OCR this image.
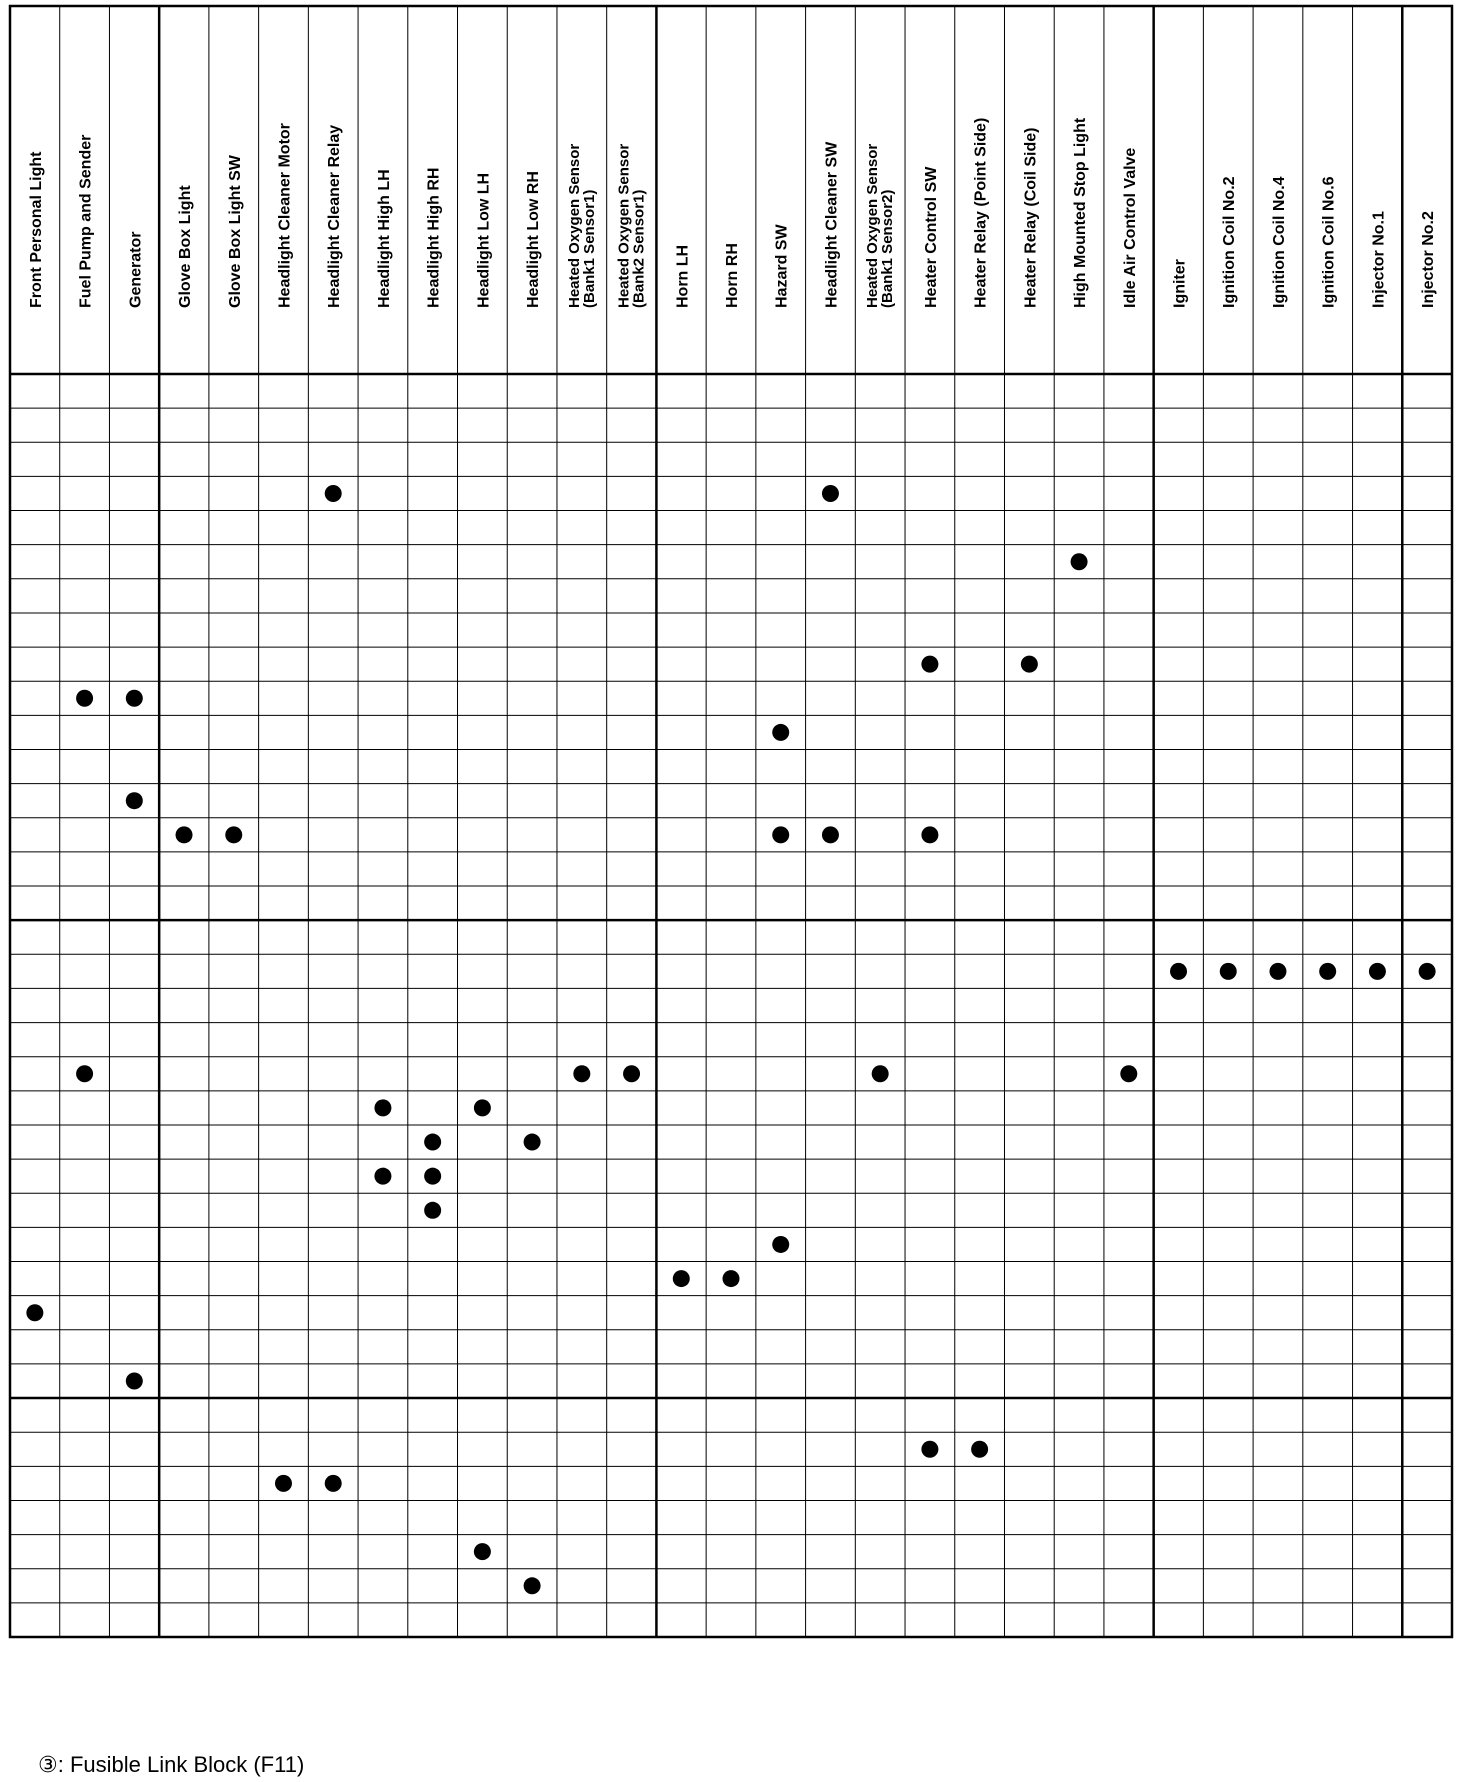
Front Personal Light Fuel Pump and Sender Generator Glove Box Light Glove Box Light SW Headlight Cleaner Motor Headlight Cleaner Relay Headlight High LH Headlight High RH Headlight Low LH Headlight Low RH Heated Oxygen Sensor
(Bank1 Sensor1) Heated Oxygen Sensor
(Bank2 Sensor1) Horn LH Horn RH Hazard SW Headlight Cleaner SW Heated Oxygen Sensor
(Bank1 Sensor2) Heater Control SW Heater Relay (Point Side) Heater Relay (Coil Side) High Mounted Stop Light Idle Air Control Valve Igniter Ignition Coil No.2 Ignition Coil No.4 Ignition Coil No.6 Injector No.1 Injector No.2
③: Fusible Link Block (F11)
